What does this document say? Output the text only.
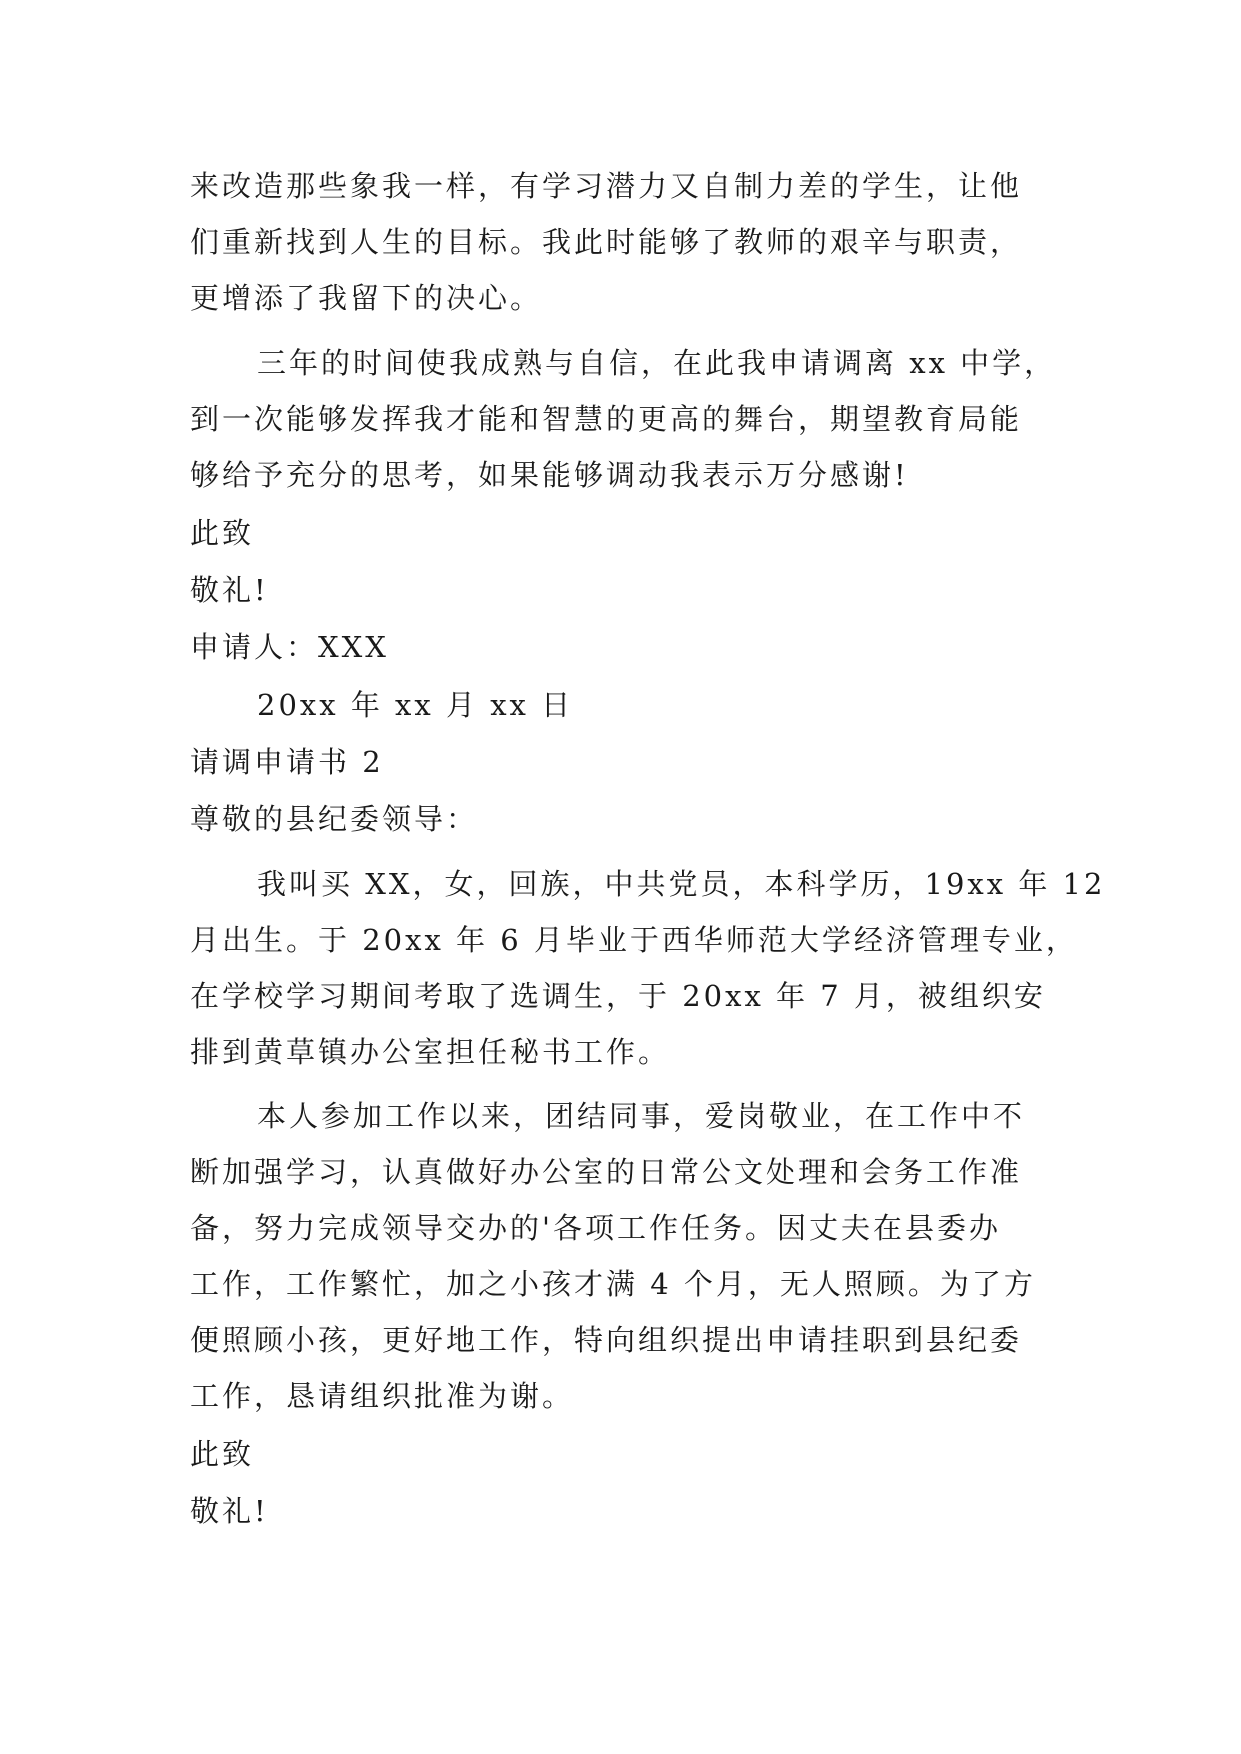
来改造那些象我一样，有学习潜力又自制力差的学生，让他
们重新找到人生的目标。我此时能够了教师的艰辛与职责，
更增添了我留下的决心。
三年的时间使我成熟与自信，在此我申请调离 xx 中学，
到一次能够发挥我才能和智慧的更高的舞台，期望教育局能
够给予充分的思考，如果能够调动我表示万分感谢!
此致
敬礼!
申请人：XXX
20xx 年 xx 月 xx 日
请调申请书 2
尊敬的县纪委领导：
我叫买 XX，女，回族，中共党员，本科学历，19xx 年 12
月出生。于 20xx 年 6 月毕业于西华师范大学经济管理专业，
在学校学习期间考取了选调生，于 20xx 年 7 月，被组织安
排到黄草镇办公室担任秘书工作。
本人参加工作以来，团结同事，爱岗敬业，在工作中不
断加强学习，认真做好办公室的日常公文处理和会务工作准
备，努力完成领导交办的'各项工作任务。因丈夫在县委办
工作，工作繁忙，加之小孩才满 4 个月，无人照顾。为了方
便照顾小孩，更好地工作，特向组织提出申请挂职到县纪委
工作，恳请组织批准为谢。
此致
敬礼!
